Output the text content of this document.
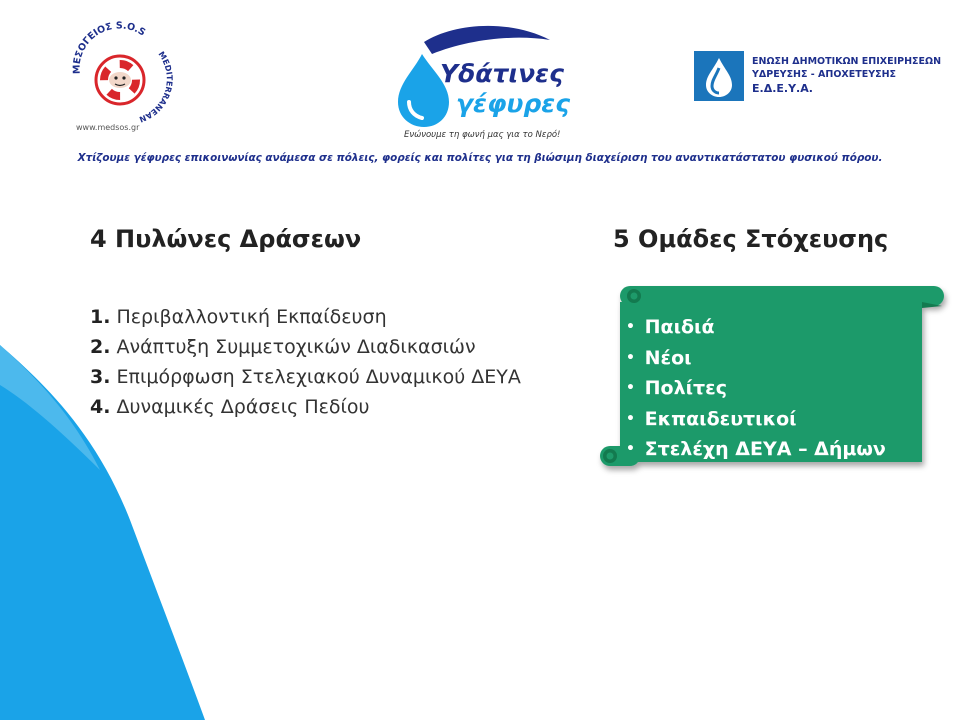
ΜΕΣΟΓΕΙΟΣ S.O.S
MEDITERRANEAN
www.medsos.gr
Υδάτινες
γέφυρες
Ενώνουμε τη φωνή μας για το Νερό!
ΕΝΩΣΗ ΔΗΜΟΤΙΚΩΝ ΕΠΙΧΕΙΡΗΣΕΩΝ
ΥΔΡΕΥΣΗΣ - ΑΠΟΧΕΤΕΥΣΗΣ
Ε.Δ.Ε.Υ.Α.

Χτίζουμε γέφυρες επικοινωνίας ανάμεσα σε πόλεις, φορείς και πολίτες για τη βιώσιμη διαχείριση του αναντικατάστατου φυσικού πόρου.

4 Πυλώνες Δράσεων	5 Ομάδες Στόχευσης
1. Περιβαλλοντική Εκπαίδευση
2. Ανάπτυξη Συμμετοχικών Διαδικασιών
3. Επιμόρφωση Στελεχιακού Δυναμικού ΔΕΥΑ
4. Δυναμικές Δράσεις Πεδίου
• Παιδιά
• Νέοι
• Πολίτες
• Εκπαιδευτικοί
• Στελέχη ΔΕΥΑ – Δήμων
